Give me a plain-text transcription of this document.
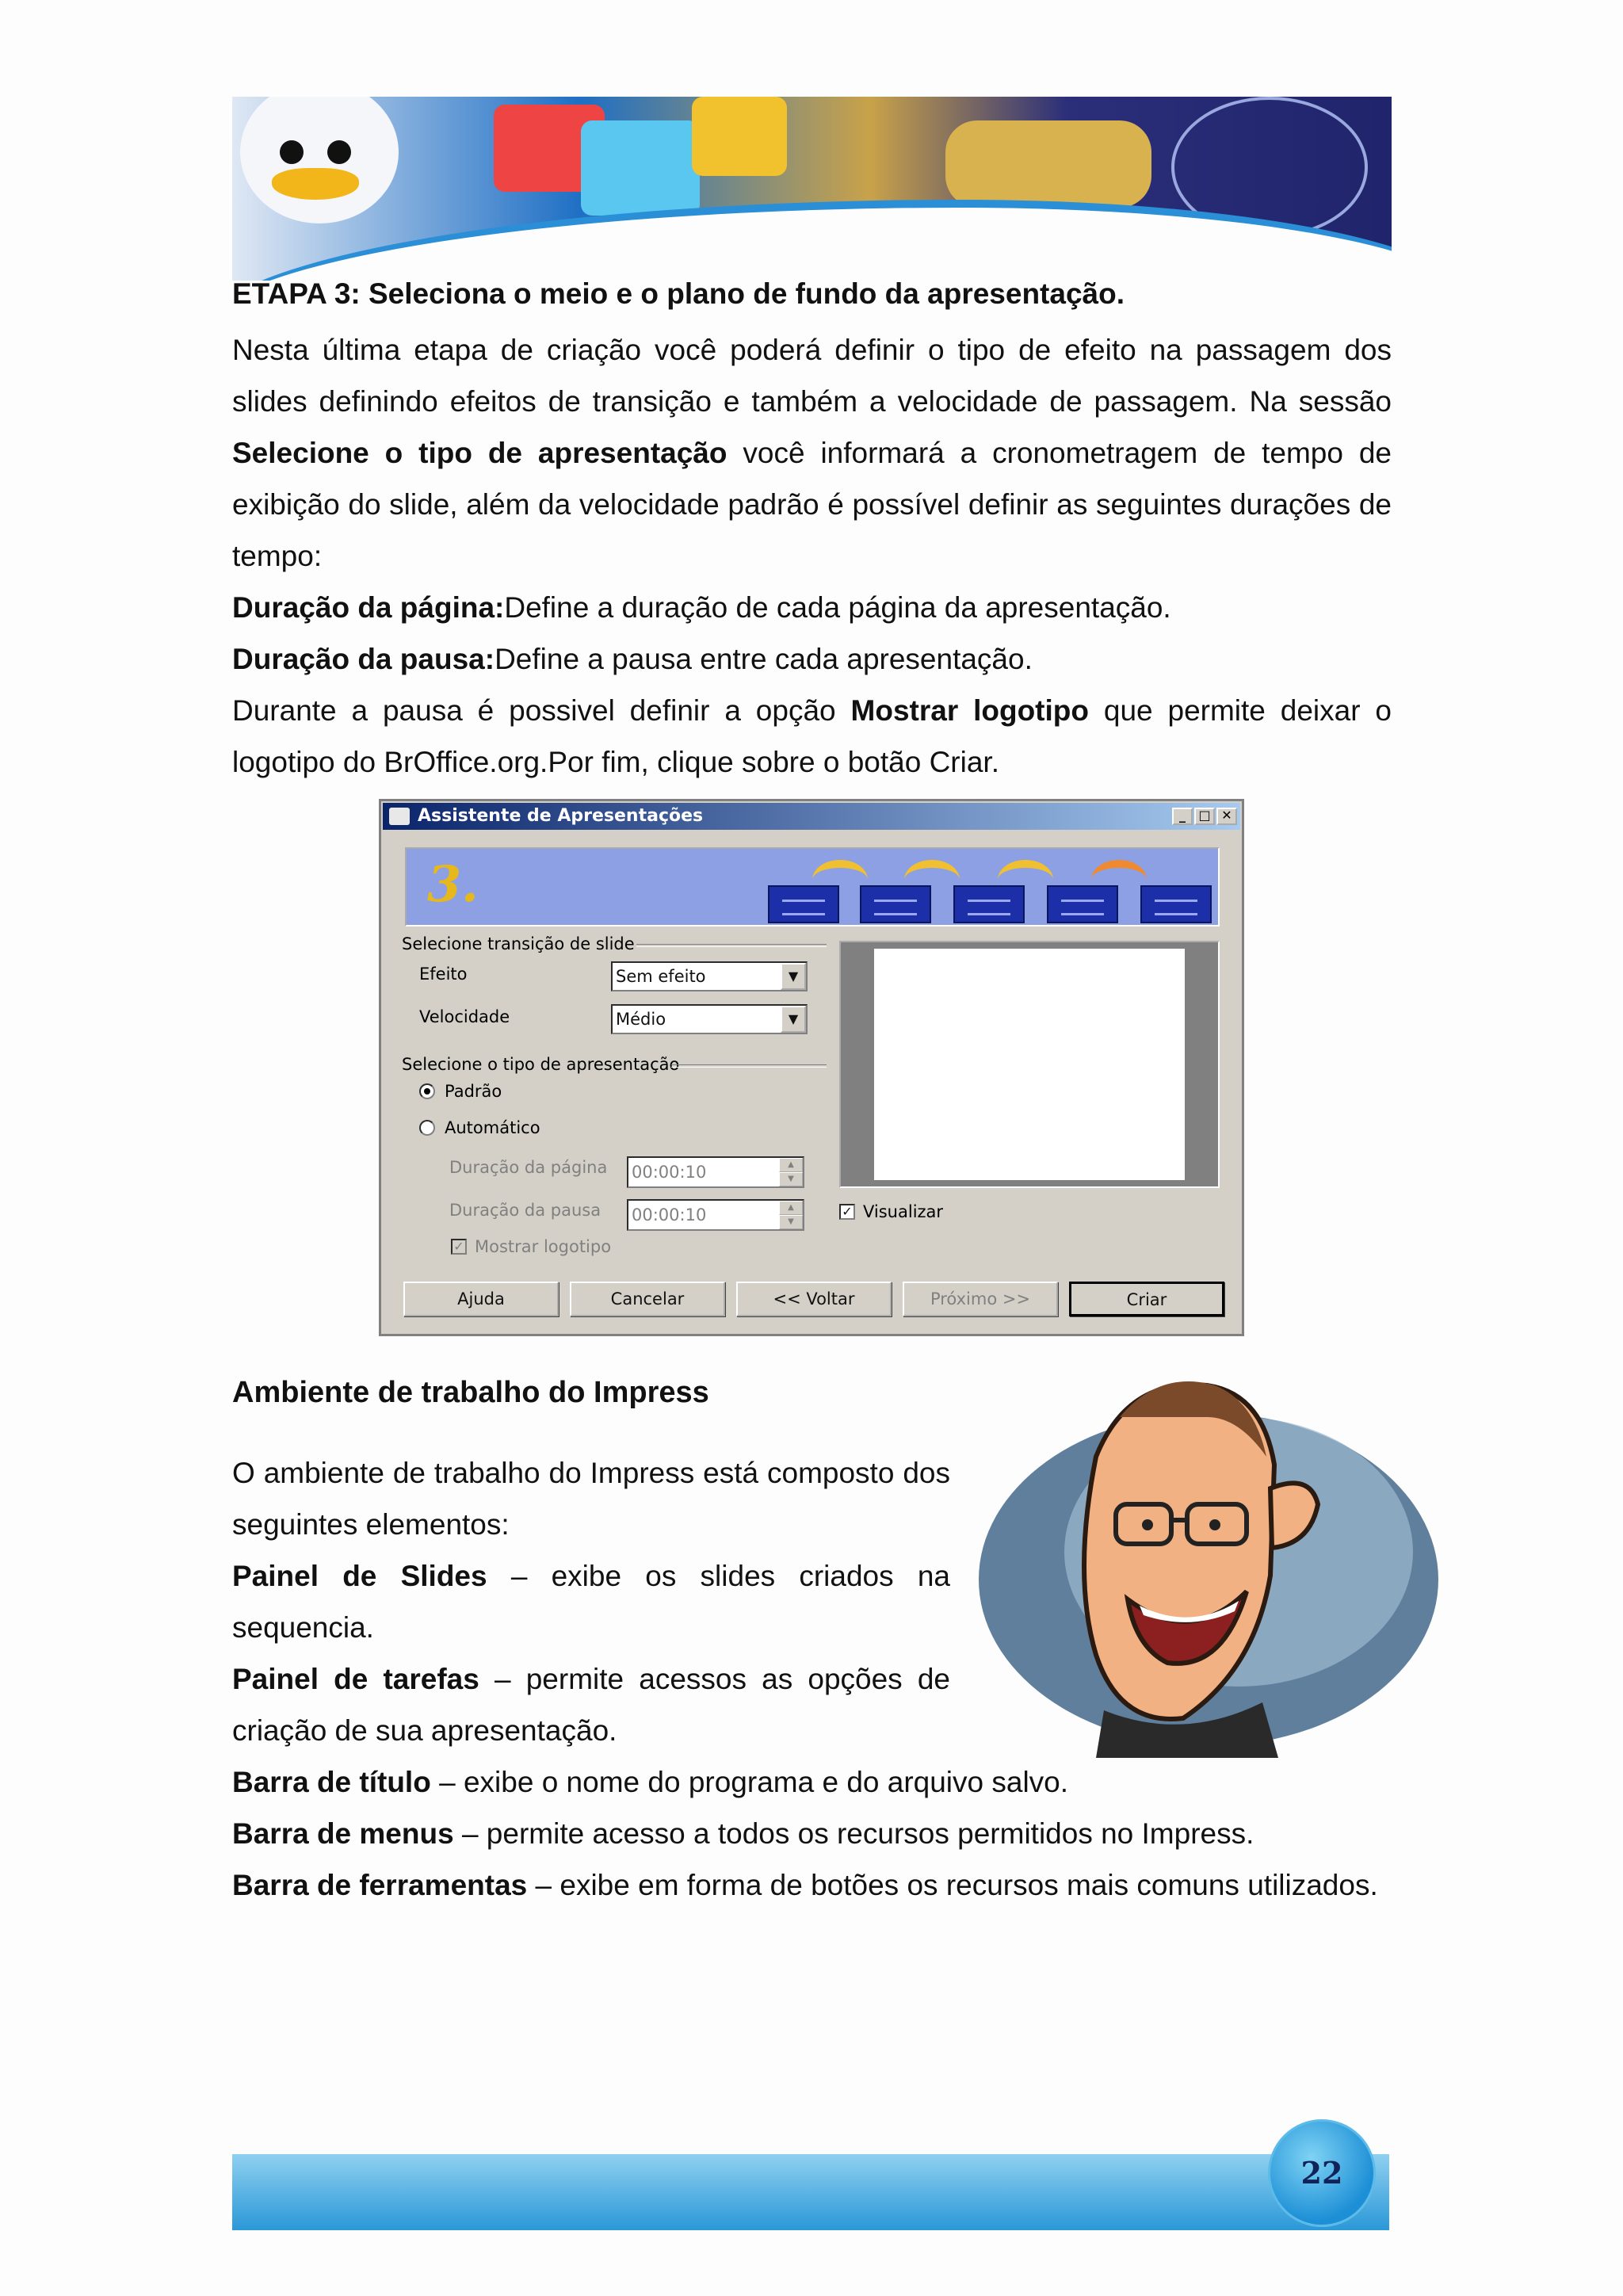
ETAPA 3: Seleciona o meio e o plano de fundo da apresentação.
Nesta última etapa de criação você poderá definir o tipo de efeito na passagem dos slides definindo efeitos de transição e também a velocidade de passagem. Na sessão Selecione o tipo de apresentação você informará a cronometragem de tempo de exibição do slide, além da velocidade padrão é possível definir as seguintes durações de tempo:
Duração da página:Define a duração de cada página da apresentação.
Duração da pausa:Define a pausa entre cada apresentação.
Durante a pausa é possivel definir a opção Mostrar logotipo que permite deixar o logotipo do BrOffice.org.Por fim, clique sobre o botão Criar.
Assistente de Apresentações	_	□ ✕
3.
Selecione transição de slide
Efeito	Sem efeito	▼
Velocidade	Médio	▼
Selecione o tipo de apresentação
Padrão
Automático
Duração da página 00:00:10	▲
▼
Duração da pausa 00:00:10	▲
▼
✓ Mostrar logotipo
✓ Visualizar
Ajuda	Cancelar	<< Voltar	Próximo >>	Criar
Ambiente de trabalho do Impress
O ambiente de trabalho do Impress está composto dos seguintes elementos:
Painel de Slides – exibe os slides criados na sequencia.
Painel de tarefas – permite acessos as opções de criação de sua apresentação.
Barra de título – exibe o nome do programa e do arquivo salvo.
Barra de menus – permite acesso a todos os recursos permitidos no Impress.
Barra de ferramentas – exibe em forma de botões os recursos mais comuns utilizados.
22
